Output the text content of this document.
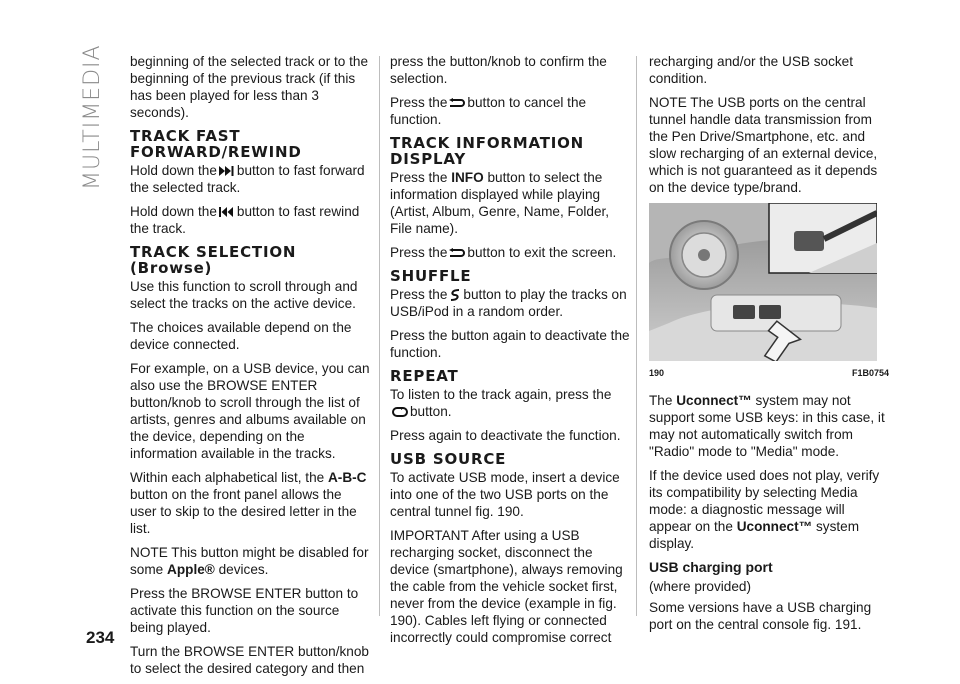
MULTIMEDIA
234

beginning of the selected track or to the beginning of the previous track (if this has been played for less than 3 seconds).

TRACK FAST FORWARD/REWIND

Hold down the button to fast forward the selected track.

Hold down the button to fast rewind the track.

TRACK SELECTION (Browse)

Use this function to scroll through and select the tracks on the active device.

The choices available depend on the device connected.

For example, on a USB device, you can also use the BROWSE ENTER button/knob to scroll through the list of artists, genres and albums available on the device, depending on the information available in the tracks.

Within each alphabetical list, the A-B-C button on the front panel allows the user to skip to the desired letter in the list.

NOTE This button might be disabled for some Apple® devices.

Press the BROWSE ENTER button to activate this function on the source being played.

Turn the BROWSE ENTER button/knob to select the desired category and then

press the button/knob to confirm the selection.

Press the button to cancel the function.

TRACK INFORMATION DISPLAY

Press the INFO button to select the information displayed while playing (Artist, Album, Genre, Name, Folder, File name).

Press the button to exit the screen.

SHUFFLE

Press the button to play the tracks on USB/iPod in a random order.

Press the button again to deactivate the function.

REPEAT

To listen to the track again, press the
button.

Press again to deactivate the function.

USB SOURCE

To activate USB mode, insert a device into one of the two USB ports on the central tunnel fig. 190.

IMPORTANT After using a USB recharging socket, disconnect the device (smartphone), always removing the cable from the vehicle socket first, never from the device (example in fig. 190). Cables left flying or connected incorrectly could compromise correct

recharging and/or the USB socket condition.

NOTE The USB ports on the central tunnel handle data transmission from the Pen Drive/Smartphone, etc. and slow recharging of an external device, which is not guaranteed as it depends on the device type/brand.

190	F1B0754

The Uconnect™ system may not support some USB keys: in this case, it may not automatically switch from "Radio" mode to "Media" mode.

If the device used does not play, verify its compatibility by selecting Media mode: a diagnostic message will appear on the Uconnect™ system display.

USB charging port

(where provided)

Some versions have a USB charging port on the central console fig. 191.
